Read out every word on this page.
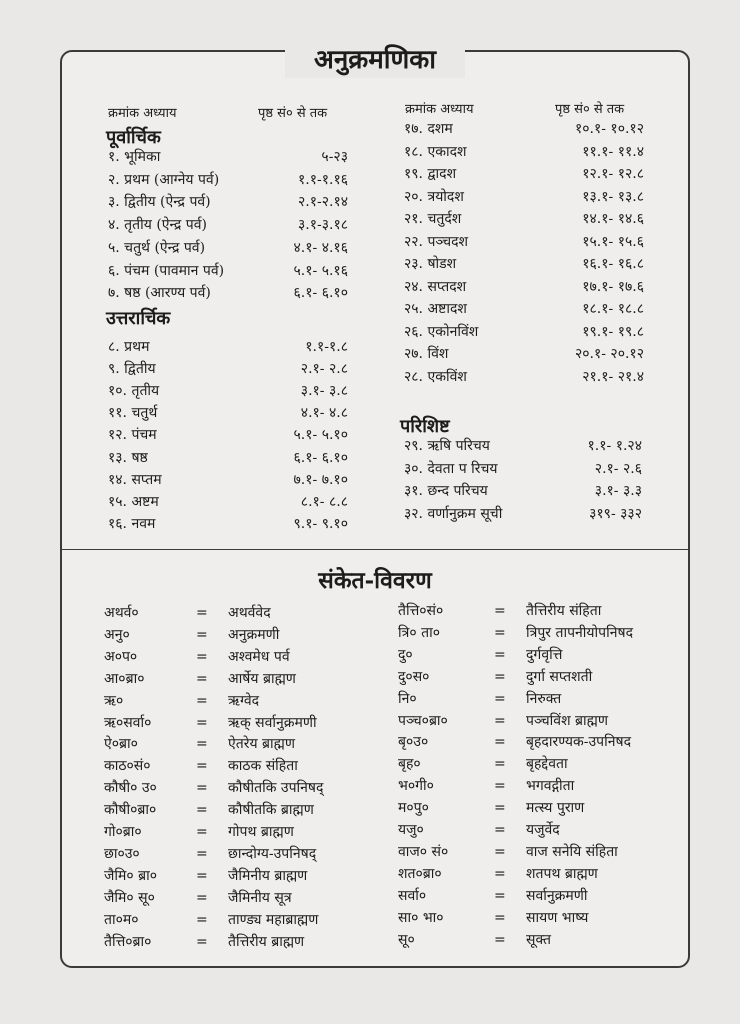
अनुक्रमणिका
क्रमांक अध्याय	पृष्ठ सं० से तक	क्रमांक अध्याय	पृष्ठ सं० से तक
पूर्वार्चिक
उत्तरार्चिक
परिशिष्ट
१. भूमिका	५-२३
२. प्रथम (आग्नेय पर्व)	१.१-१.१६
३. द्वितीय (ऐन्द्र पर्व)	२.१-२.१४
४. तृतीय (ऐन्द्र पर्व)	३.१-३.१८
५. चतुर्थ (ऐन्द्र पर्व)	४.१- ४.१६
६. पंचम (पावमान पर्व)	५.१- ५.१६
७. षष्ठ (आरण्य पर्व)	६.१- ६.१०
८. प्रथम	१.१-१.८
९. द्वितीय	२.१- २.८
१०. तृतीय	३.१- ३.८
११. चतुर्थ	४.१- ४.८
१२. पंचम	५.१- ५.१०
१३. षष्ठ	६.१- ६.१०
१४. सप्तम	७.१- ७.१०
१५. अष्टम	८.१- ८.८
१६. नवम	९.१- ९.१०
१७. दशम	१०.१- १०.१२
१८. एकादश	११.१- ११.४
१९. द्वादश	१२.१- १२.८
२०. त्रयोदश	१३.१- १३.८
२१. चतुर्दश	१४.१- १४.६
२२. पञ्चदश	१५.१- १५.६
२३. षोडश	१६.१- १६.८
२४. सप्तदश	१७.१- १७.६
२५. अष्टादश	१८.१- १८.८
२६. एकोनविंश	१९.१- १९.८
२७. विंश	२०.१- २०.१२
२८. एकविंश	२१.१- २१.४
२९. ऋषि परिचय	१.१- १.२४
३०. देवता प रिचय	२.१- २.६
३१. छन्द परिचय	३.१- ३.३
३२. वर्णानुक्रम सूची	३१९- ३३२
संकेत-विवरण
अथर्व०	= अथर्ववेद
अनु०	= अनुक्रमणी
अ०प०	= अश्वमेध पर्व
आ०ब्रा०	= आर्षेय ब्राह्मण
ऋ०	= ऋग्वेद
ऋ०सर्वा०	= ऋक् सर्वानुक्रमणी
ऐ०ब्रा०	= ऐतरेय ब्राह्मण
काठ०सं०	= काठक संहिता
कौषी० उ०	= कौषीतकि उपनिषद्
कौषी०ब्रा०	= कौषीतकि ब्राह्मण
गो०ब्रा०	= गोपथ ब्राह्मण
छा०उ०	= छान्दोग्य-उपनिषद्
जैमि० ब्रा०	= जैमिनीय ब्राह्मण
जैमि० सू०	= जैमिनीय सूत्र
ता०म०	= ताण्ड्य महाब्राह्मण
तैत्ति०ब्रा०	= तैत्तिरीय ब्राह्मण
तैत्ति०सं०	= तैत्तिरीय संहिता
त्रि० ता०	= त्रिपुर तापनीयोपनिषद
दु०	= दुर्गवृत्ति
दु०स०	= दुर्गा सप्तशती
नि०	= निरुक्त
पञ्च०ब्रा०	= पञ्चविंश ब्राह्मण
बृ०उ०	= बृहदारण्यक-उपनिषद
बृह०	= बृहद्देवता
भ०गी०	= भगवद्गीता
म०पु०	= मत्स्य पुराण
यजु०	= यजुर्वेद
वाज० सं०	= वाज सनेयि संहिता
शत०ब्रा०	= शतपथ ब्राह्मण
सर्वा०	= सर्वानुक्रमणी
सा० भा०	= सायण भाष्य
सू०	= सूक्त
